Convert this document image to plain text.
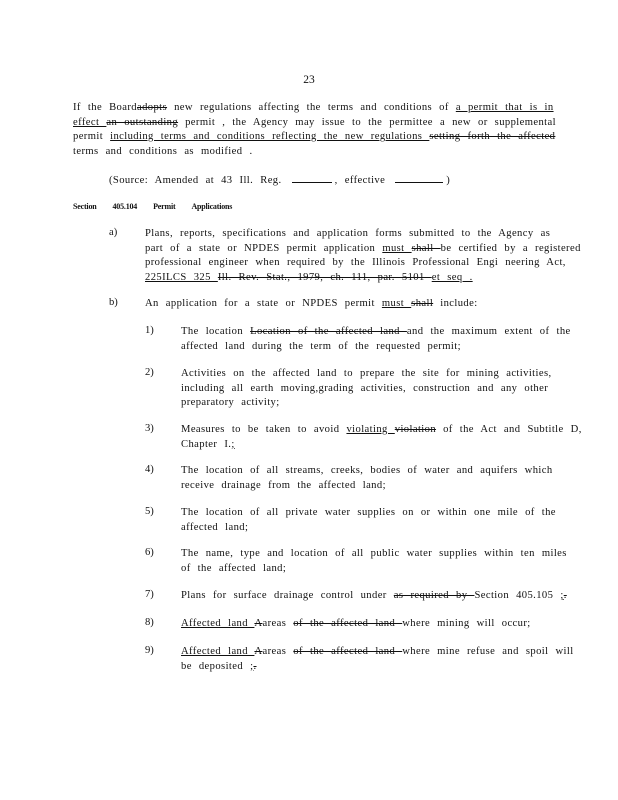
23
If the Boardadopts new regulations affecting the terms and conditions of a permit that is in
effect an outstanding permit , the Agency may issue to the permittee a new or supplemental
permit including terms and conditions reflecting the new regulations setting forth the affected
terms and conditions as modified .
(Source: Amended at 43 Ill. Reg.	, effective	)
Section 405.104 Permit Applications
a)	Plans, reports, specifications and application forms submitted to the Agency as
part of a state or NPDES permit application must shall be certified by a registered
professional engineer when required by the Illinois Professional Engi neering Act,
225ILCS 325 Ill. Rev. Stat., 1979, ch. 111, par. 5101 et seq .
b)	An application for a state or NPDES permit must shall include:
1)	The location Location of the affected land and the maximum extent of the
affected land during the term of the requested permit;
2)	Activities on the affected land to prepare the site for mining activities,
including all earth moving,grading activities, construction and any other
preparatory activity;
3)	Measures to be taken to avoid violating violation of the Act and Subtitle D,
Chapter I.;
4)	The location of all streams, creeks, bodies of water and aquifers which
receive drainage from the affected land;
5)	The location of all private water supplies on or within one mile of the
affected land;
6)	The name, type and location of all public water supplies within ten miles
of the affected land;
7)	Plans for surface drainage control under as required by Section 405.105 ;.
8)	Affected land Aareas of the affected land where mining will occur;
9)	Affected land Aareas of the affected land where mine refuse and spoil will
be deposited ;.
